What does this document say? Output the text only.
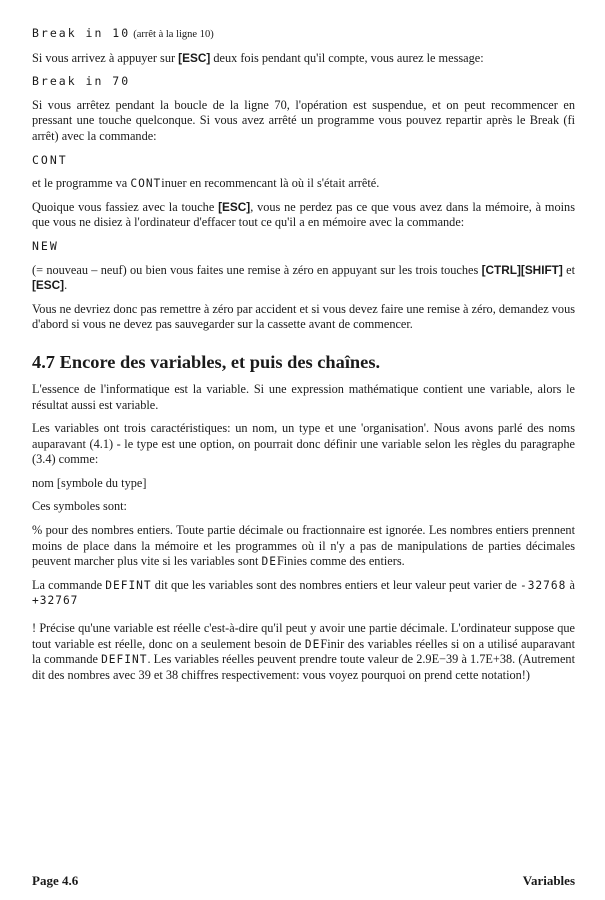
Break in 10 (arrêt à la ligne 10)

Si vous arrivez à appuyer sur [ESC] deux fois pendant qu'il compte, vous aurez le message:

Break in 70

Si vous arrêtez pendant la boucle de la ligne 70, l'opération est suspendue, et on peut recommencer en pressant une touche quelconque. Si vous avez arrêté un programme vous pouvez repartir après le Break (fi arrêt) avec la commande:

CONT

et le programme va CONTinuer en recommencant là où il s'était arrêté.

Quoique vous fassiez avec la touche [ESC], vous ne perdez pas ce que vous avez dans la mémoire, à moins que vous ne disiez à l'ordinateur d'effacer tout ce qu'il a en mémoire avec la commande:

NEW

(= nouveau – neuf) ou bien vous faites une remise à zéro en appuyant sur les trois touches [CTRL][SHIFT] et [ESC].

Vous ne devriez donc pas remettre à zéro par accident et si vous devez faire une remise à zéro, demandez vous d'abord si vous ne devez pas sauvegarder sur la cassette avant de commencer.

4.7 Encore des variables, et puis des chaînes.

L'essence de l'informatique est la variable. Si une expression mathématique contient une variable, alors le résultat aussi est variable.

Les variables ont trois caractéristiques: un nom, un type et une 'organisation'. Nous avons parlé des noms auparavant (4.1) - le type est une option, on pourrait donc définir une variable selon les règles du paragraphe (3.4) comme:

nom [symbole du type]

Ces symboles sont:

% pour des nombres entiers. Toute partie décimale ou fractionnaire est ignorée. Les nombres entiers prennent moins de place dans la mémoire et les programmes où il n'y a pas de manipulations de parties décimales peuvent marcher plus vite si les variables sont DEFinies comme des entiers.

La commande DEFINT dit que les variables sont des nombres entiers et leur valeur peut varier de -32768 à +32767

! Précise qu'une variable est réelle c'est-à-dire qu'il peut y avoir une partie décimale. L'ordinateur suppose que tout variable est réelle, donc on a seulement besoin de DEFinir des variables réelles si on a utilisé auparavant la commande DEFINT. Les variables réelles peuvent prendre toute valeur de 2.9E−39 à 1.7E+38. (Autrement dit des nombres avec 39 et 38 chiffres respectivement: vous voyez pourquoi on prend cette notation!)

Page 4.6	Variables
